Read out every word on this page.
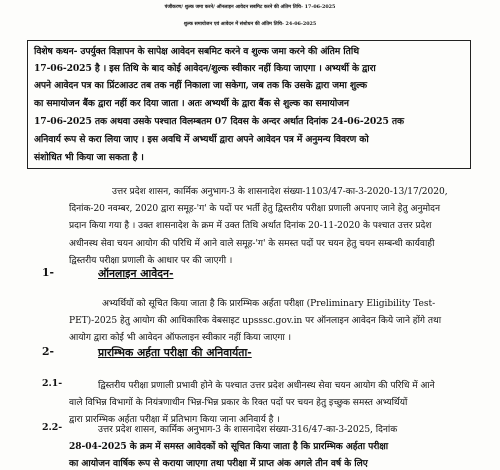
पंजीकरण/ शुल्क जमा करने/ ऑनलाइन आवेदन सबमिट करने की अंतिम तिथि- 17-06-2025
शुल्क समायोजन एवं आवेदन में संशोधन की अंतिम तिथि- 24-06-2025
विशेष कथन- उपर्युक्त विज्ञापन के सापेक्ष आवेदन सबमिट करने व शुल्क जमा करने की अंतिम तिथि
17-06-2025 है । इस तिथि के बाद कोई आवेदन/शुल्क स्वीकार नहीं किया जाएगा । अभ्यर्थी के द्वारा
अपने आवेदन पत्र का प्रिंटआउट तब तक नहीं निकाला जा सकेगा, जब तक कि उसके द्वारा जमा शुल्क
का समायोजन बैंक द्वारा नहीं कर दिया जाता । अतः अभ्यर्थी के द्वारा बैंक से शुल्क का समायोजन
17-06-2025 तक अथवा उसके पश्चात विलम्बतम 07 दिवस के अन्दर अर्थात दिनांक 24-06-2025 तक
अनिवार्य रूप से करा लिया जाए । इस अवधि में अभ्यर्थी द्वारा अपने आवेदन पत्र में अनुमन्य विवरण को
संशोधित भी किया जा सकता है ।
उत्तर प्रदेश शासन, कार्मिक अनुभाग-3 के शासनादेश संख्या-1103/47-का-3-2020-13/17/2020,
दिनांक-20 नवम्बर, 2020 द्वारा समूह-'ग' के पदों पर भर्ती हेतु द्विस्तरीय परीक्षा प्रणाली अपनाए जाने हेतु अनुमोदन
प्रदान किया गया है । उक्त शासनादेश के क्रम में उक्त तिथि अर्थात दिनांक 20-11-2020 के पश्चात उत्तर प्रदेश
अधीनस्थ सेवा चयन आयोग की परिधि में आने वाले समूह-'ग' के समस्त पदों पर चयन हेतु चयन सम्बन्धी कार्यवाही
द्विस्तरीय परीक्षा प्रणाली के आधार पर की जाएगी ।
1-	ऑनलाइन आवेदन-
अभ्यर्थियों को सूचित किया जाता है कि प्रारम्भिक अर्हता परीक्षा (Preliminary Eligibility Test-
PET)-2025 हेतु आयोग की आधिकारिक वेबसाइट upsssc.gov.in पर ऑनलाइन आवेदन किये जाने होंगे तथा
आयोग द्वारा कोई भी आवेदन ऑफलाइन स्वीकार नहीं किया जाएगा ।
2-	प्रारम्भिक अर्हता परीक्षा की अनिवार्यता-
2.1-	द्विस्तरीय परीक्षा प्रणाली प्रभावी होने के पश्चात उत्तर प्रदेश अधीनस्थ सेवा चयन आयोग की परिधि में आने
वाले विभिन्न विभागों के नियंत्रणाधीन भिन्न-भिन्न प्रकार के रिक्त पदों पर चयन हेतु इच्छुक समस्त अभ्यर्थियों
द्वारा प्रारम्भिक अर्हता परीक्षा में प्रतिभाग किया जाना अनिवार्य है ।
2.2-	उत्तर प्रदेश शासन, कार्मिक अनुभाग-3 के शासनादेश संख्या-316/47-का-3-2025, दिनांक
28-04-2025 के क्रम में समस्त आवेदकों को सूचित किया जाता है कि प्रारम्भिक अर्हता परीक्षा
का आयोजन वार्षिक रूप से कराया जाएगा तथा परीक्षा में प्राप्त अंक अगले तीन वर्ष के लिए
